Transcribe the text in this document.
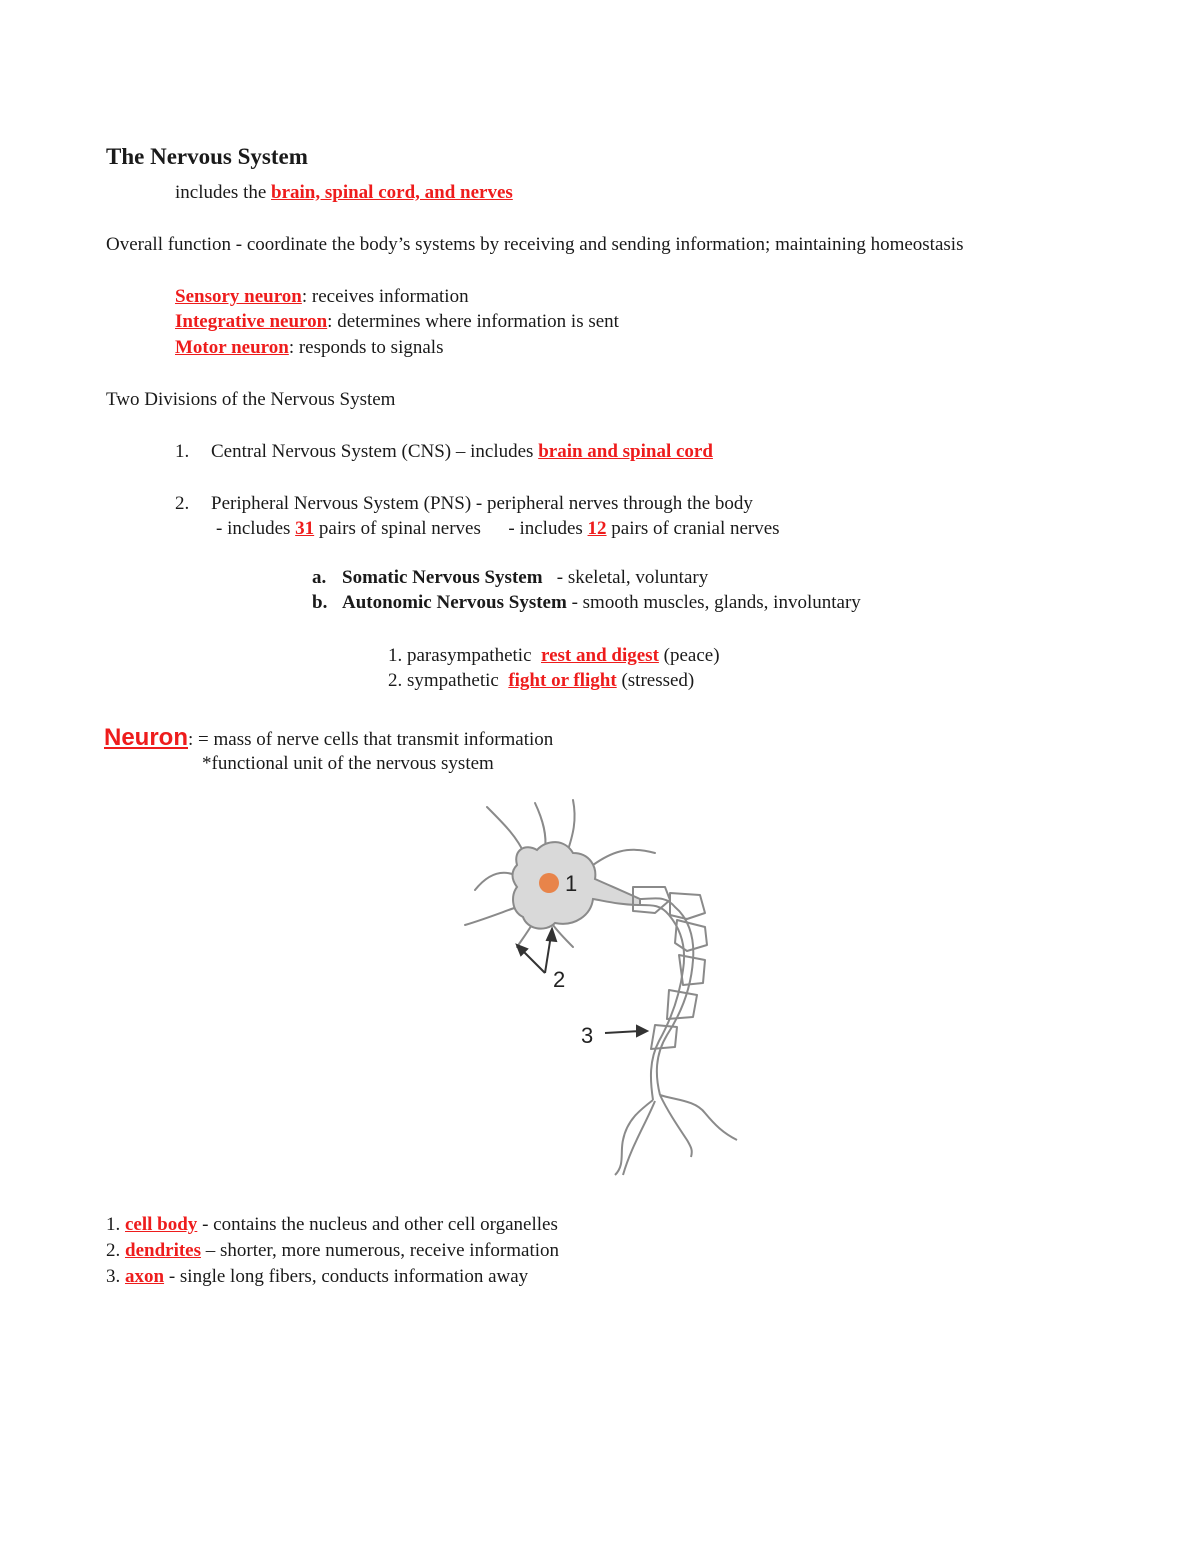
The Nervous System
includes the brain, spinal cord, and nerves
Overall function - coordinate the body’s systems by receiving and sending information; maintaining homeostasis
Sensory neuron: receives information
Integrative neuron: determines where information is sent
Motor neuron: responds to signals
Two Divisions of the Nervous System
1. Central Nervous System (CNS) – includes brain and spinal cord
2. Peripheral Nervous System (PNS) - peripheral nerves through the body
- includes 31 pairs of spinal nerves - includes 12 pairs of cranial nerves
a. Somatic Nervous System   - skeletal, voluntary
b. Autonomic Nervous System - smooth muscles, glands, involuntary
1. parasympathetic  rest and digest (peace)
2. sympathetic  fight or flight (stressed)
Neuron: = mass of nerve cells that transmit information
*functional unit of the nervous system
1
2
3
1. cell body - contains the nucleus and other cell organelles
2. dendrites – shorter, more numerous, receive information
3. axon - single long fibers, conducts information away
